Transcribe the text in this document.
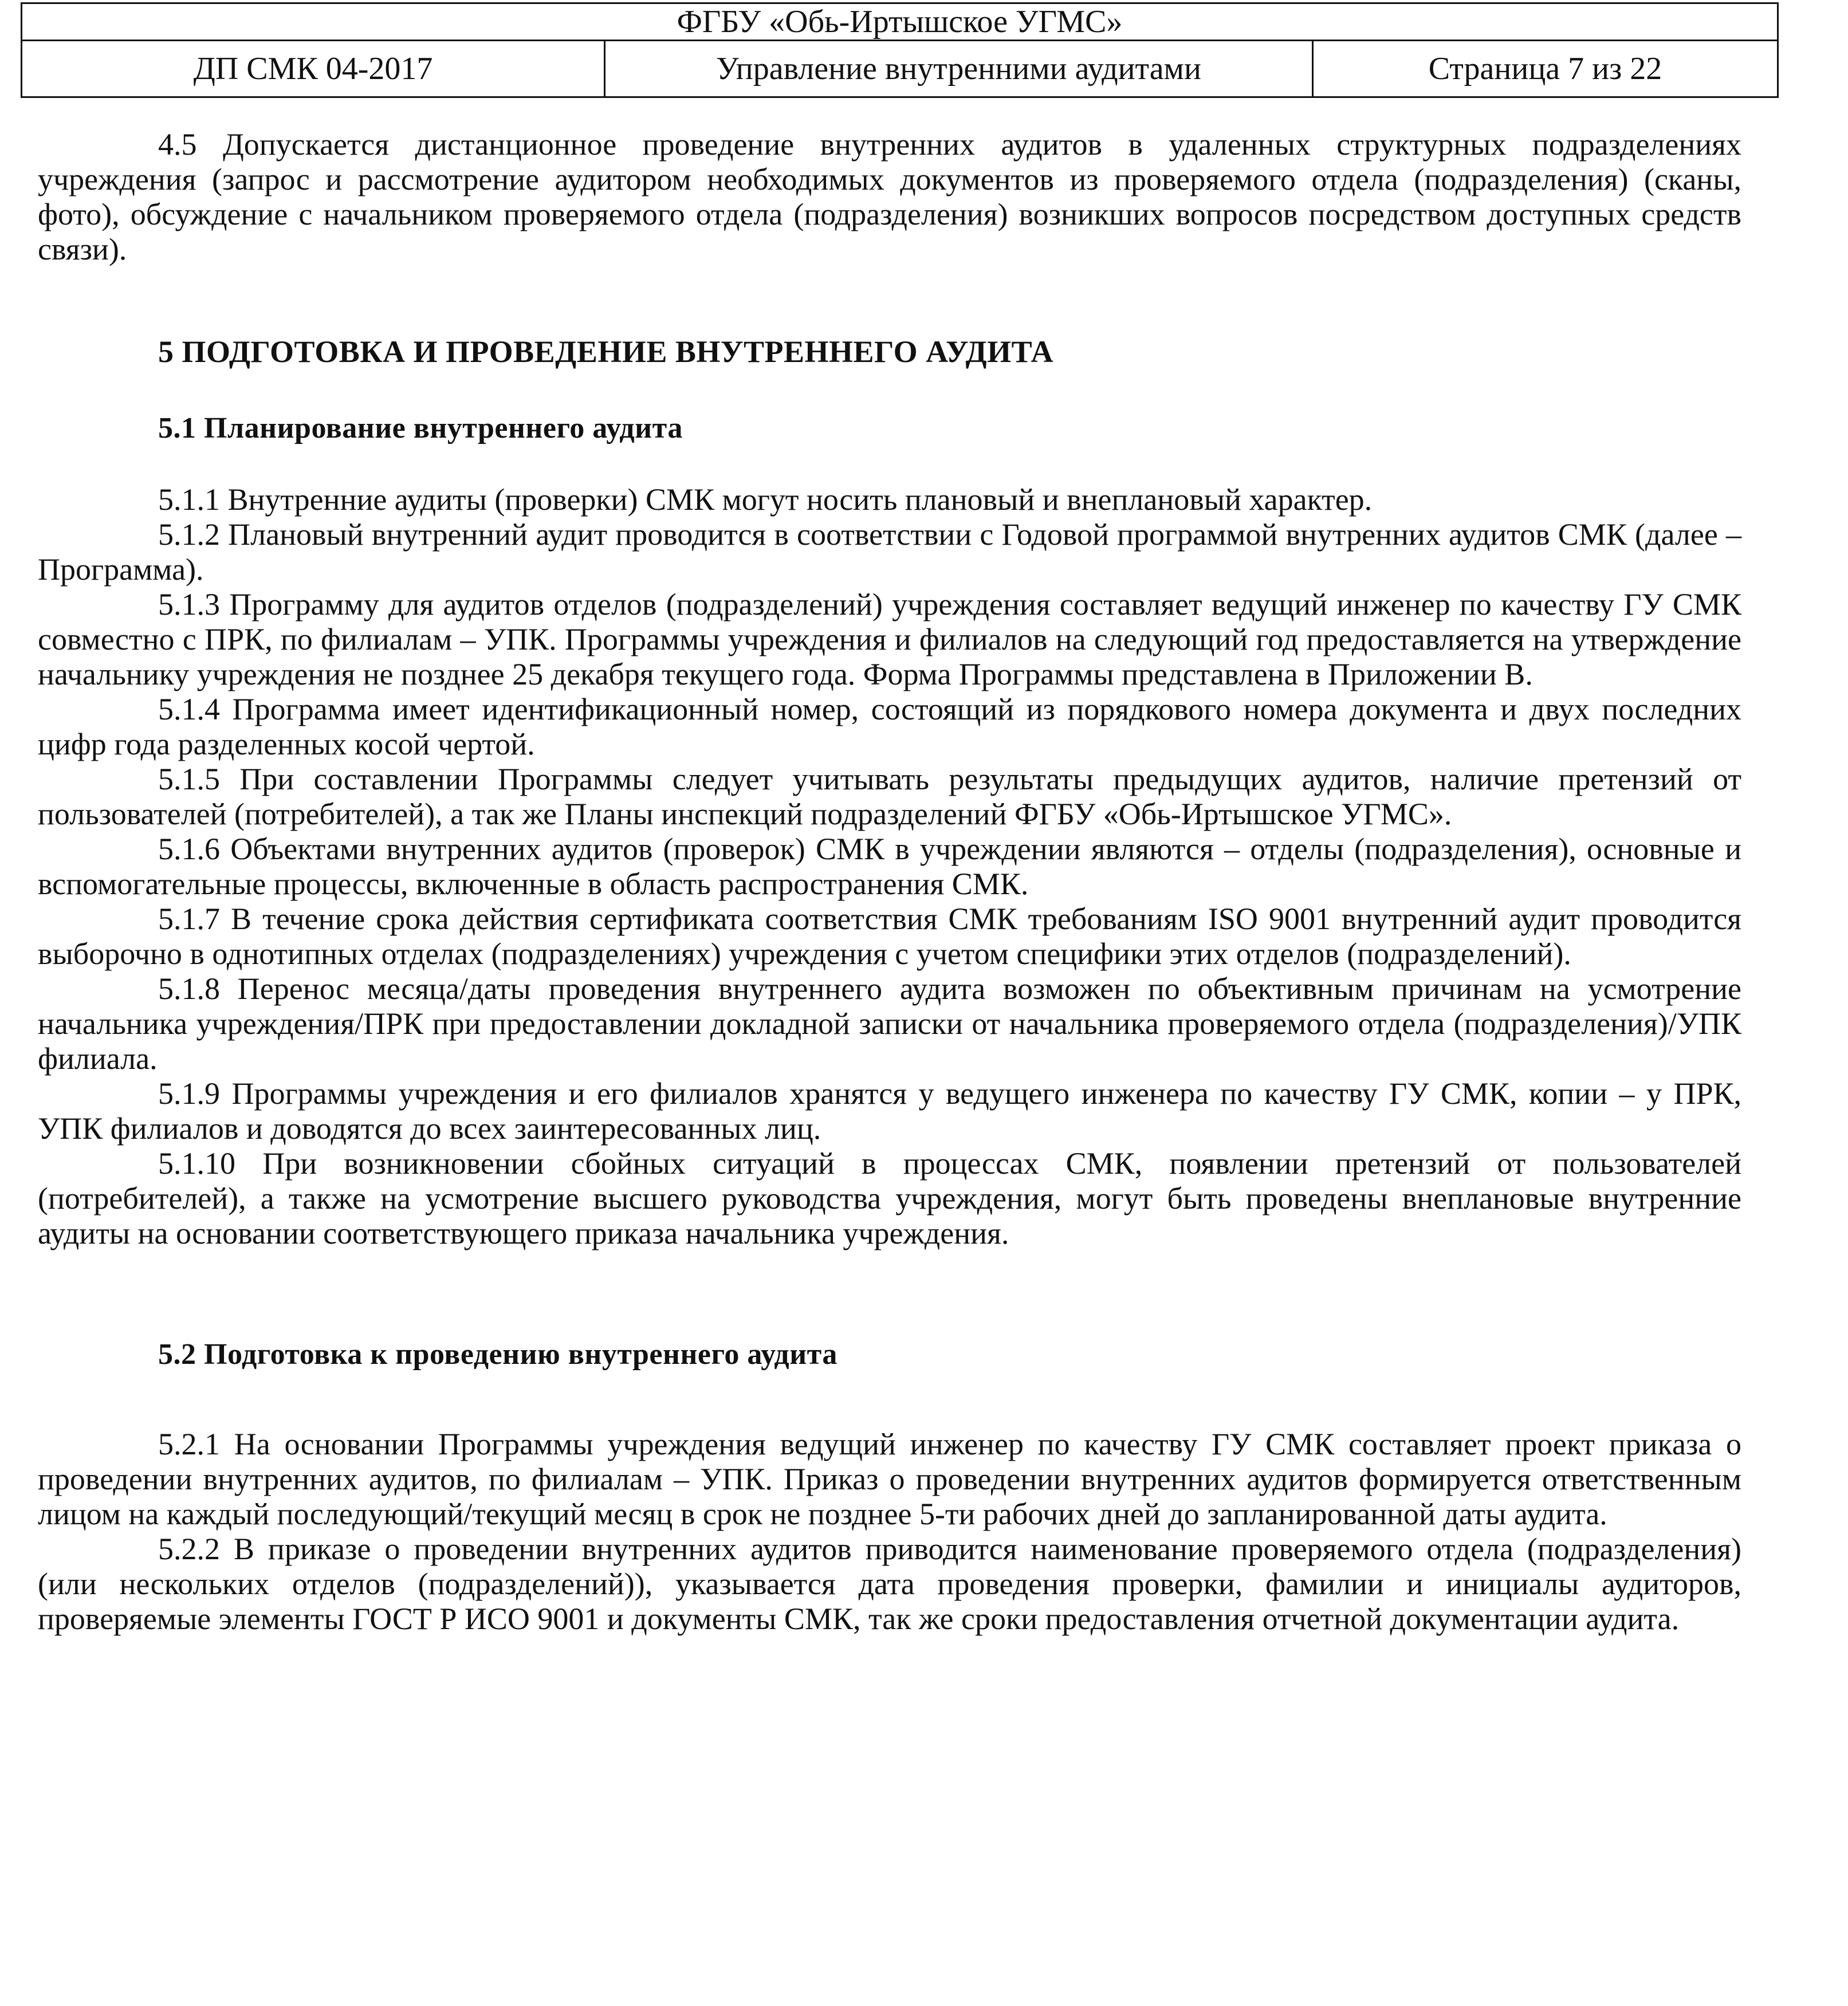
ФГБУ «Обь-Иртышское УГМС»
ДП СМК 04-2017	Управление внутренними аудитами	Страница 7 из 22

4.5 Допускается дистанционное проведение внутренних аудитов в удаленных структурных подразделениях учреждения (запрос и рассмотрение аудитором необходимых документов из проверяемого отдела (подразделения) (сканы, фото), обсуждение с начальником проверяемого отдела (подразделения) возникших вопросов посредством доступных средств связи).

5 ПОДГОТОВКА И ПРОВЕДЕНИЕ ВНУТРЕННЕГО АУДИТА

5.1 Планирование внутреннего аудита

5.1.1 Внутренние аудиты (проверки) СМК могут носить плановый и внеплановый характер.

5.1.2 Плановый внутренний аудит проводится в соответствии с Годовой программой внутренних аудитов СМК (далее – Программа).

5.1.3 Программу для аудитов отделов (подразделений) учреждения составляет ведущий инженер по качеству ГУ СМК совместно с ПРК, по филиалам – УПК. Программы учреждения и филиалов на следующий год предоставляется на утверждение начальнику учреждения не позднее 25 декабря текущего года. Форма Программы представлена в Приложении В.

5.1.4 Программа имеет идентификационный номер, состоящий из порядкового номера документа и двух последних цифр года разделенных косой чертой.

5.1.5 При составлении Программы следует учитывать результаты предыдущих аудитов, наличие претензий от пользователей (потребителей), а так же Планы инспекций подразделений ФГБУ «Обь-Иртышское УГМС».

5.1.6 Объектами внутренних аудитов (проверок) СМК в учреждении являются – отделы (подразделения), основные и вспомогательные процессы, включенные в область распространения СМК.

5.1.7 В течение срока действия сертификата соответствия СМК требованиям ISO 9001 внутренний аудит проводится выборочно в однотипных отделах (подразделениях) учреждения с учетом специфики этих отделов (подразделений).

5.1.8 Перенос месяца/даты проведения внутреннего аудита возможен по объективным причинам на усмотрение начальника учреждения/ПРК при предоставлении докладной записки от начальника проверяемого отдела (подразделения)/УПК филиала.

5.1.9 Программы учреждения и его филиалов хранятся у ведущего инженера по качеству ГУ СМК, копии – у ПРК, УПК филиалов и доводятся до всех заинтересованных лиц.

5.1.10 При возникновении сбойных ситуаций в процессах СМК, появлении претензий от пользователей (потребителей), а также на усмотрение высшего руководства учреждения, могут быть проведены внеплановые внутренние аудиты на основании соответствующего приказа начальника учреждения.

5.2 Подготовка к проведению внутреннего аудита

5.2.1 На основании Программы учреждения ведущий инженер по качеству ГУ СМК составляет проект приказа о проведении внутренних аудитов, по филиалам – УПК. Приказ о проведении внутренних аудитов формируется ответственным лицом на каждый последующий/текущий месяц в срок не позднее 5-ти рабочих дней до запланированной даты аудита.

5.2.2 В приказе о проведении внутренних аудитов приводится наименование проверяемого отдела (подразделения) (или нескольких отделов (подразделений)), указывается дата проведения проверки, фамилии и инициалы аудиторов, проверяемые элементы ГОСТ Р ИСО 9001 и документы СМК, так же сроки предоставления отчетной документации аудита.
